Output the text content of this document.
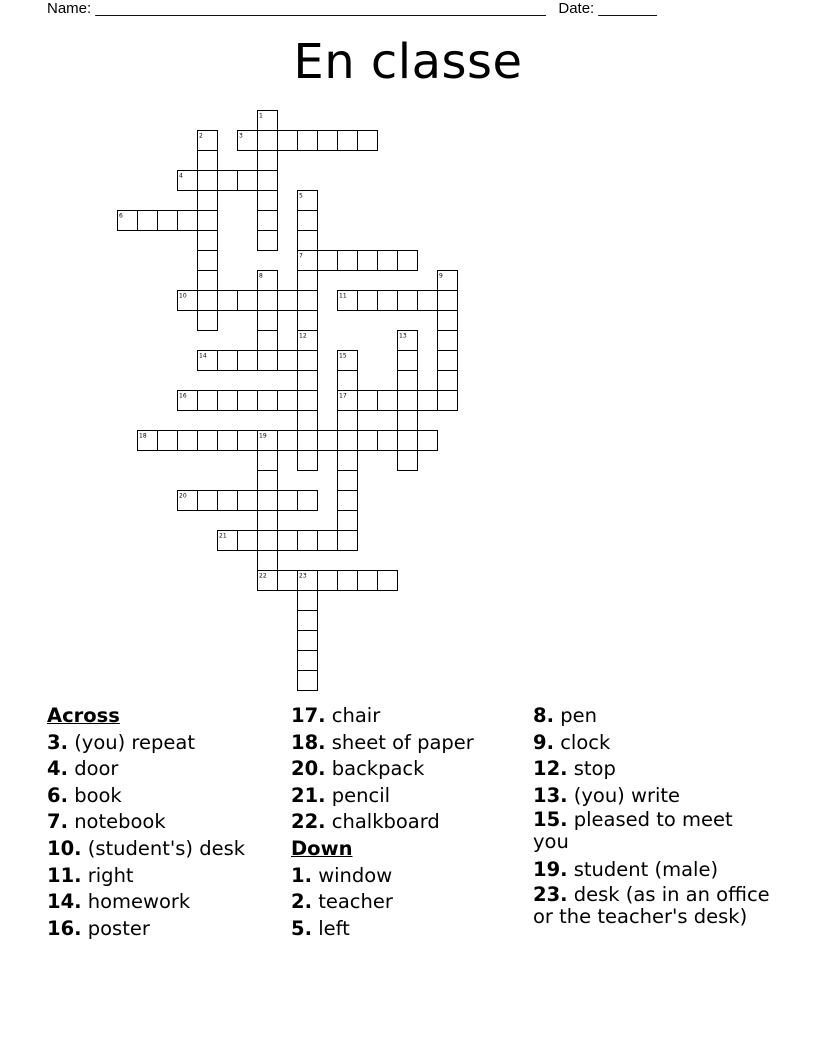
Name: ______________________________________________________ Date: _______
En classe
1
2	3
4
5
6
7
8	9
10	11
12	13
14	15
16	17
18	19
20
21
22	23
Across
3. (you) repeat
4. door
6. book
7. notebook
10. (student's) desk
11. right
14. homework
16. poster
17. chair
18. sheet of paper
20. backpack
21. pencil
22. chalkboard
Down
1. window
2. teacher
5. left
8. pen
9. clock
12. stop
13. (you) write
15. pleased to meet you
19. student (male)
23. desk (as in an office or the teacher's desk)
